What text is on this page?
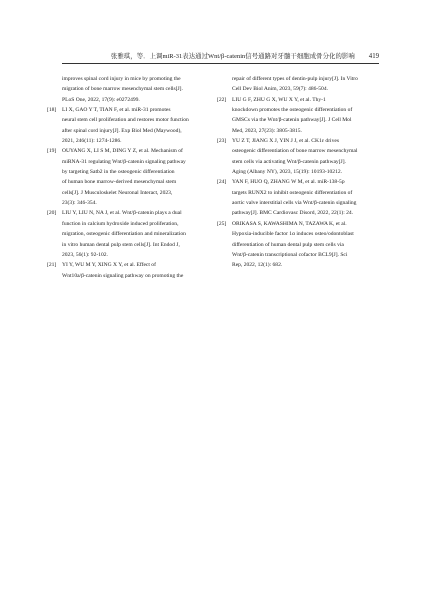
张雅琪，等．上调miR-31表达通过Wnt/β-catenin信号通路对牙髓干细胞成骨分化的影响 419
improves spinal cord injury in mice by promoting the
migration of bone marrow mesenchymal stem cells[J].
PLoS One, 2022, 17(9): e0272499.
[18] LI X, GAO Y T, TIAN F, et al. miR-31 promotes
neural stem cell proliferation and restores motor function
after spinal cord injury[J]. Exp Biol Med (Maywood),
2021, 246(11): 1274-1286.
[19] OUYANG X, LI S M, DING Y Z, et al. Mechanism of
miRNA-31 regulating Wnt/β-catenin signaling pathway
by targeting Satb2 in the osteogenic differentiation
of human bone marrow-derived mesenchymal stem
cells[J]. J Musculoskelet Neuronal Interact, 2023,
23(3): 346-354.
[20] LIU Y, LIU N, NA J, et al. Wnt/β-catenin plays a dual
function in calcium hydroxide induced proliferation,
migration, osteogenic differentiation and mineralization
in vitro human dental pulp stem cells[J]. Int Endod J,
2023, 56(1): 92-102.
[21] YI Y, WU M Y, XING X Y, et al. Effect of
Wnt10a/β-catenin signaling pathway on promoting the
repair of different types of dentin-pulp injury[J]. In Vitro
Cell Dev Biol Anim, 2023, 59(7): 486-504.
[22] LIU G F, ZHU G X, WU X Y, et al. Thy-1
knockdown promotes the osteogenic differentiation of
GMSCs via the Wnt/β-catenin pathway[J]. J Cell Mol
Med, 2023, 27(23): 3805-3815.
[23] YU Z T, JIANG X J, YIN J J, et al. CK1ε drives
osteogenic differentiation of bone marrow mesenchymal
stem cells via activating Wnt/β-catenin pathway[J].
Aging (Albany NY), 2023, 15(19): 10193-10212.
[24] YAN F, HUO Q, ZHANG W M, et al. miR-138-5p
targets RUNX2 to inhibit osteogenic differentiation of
aortic valve interstitial cells via Wnt/β-catenin signaling
pathway[J]. BMC Cardiovasc Disord, 2022, 22(1): 24.
[25] ORIKASA S, KAWASHIMA N, TAZAWA K, et al.
Hypoxia-inducible factor 1α induces osteo/odontoblast
differentiation of human dental pulp stem cells via
Wnt/β-catenin transcriptional cofactor BCL9[J]. Sci
Rep, 2022, 12(1): 682.
